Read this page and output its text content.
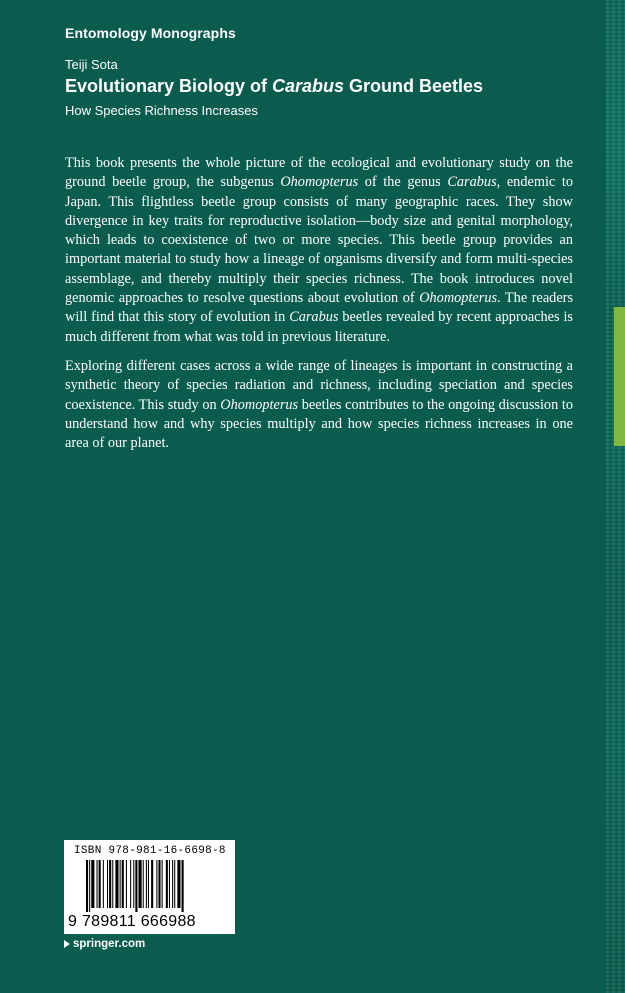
Entomology Monographs
Teiji Sota
Evolutionary Biology of Carabus Ground Beetles
How Species Richness Increases

This book presents the whole picture of the ecological and evolutionary study on the ground beetle group, the subgenus Ohomopterus of the genus Carabus, endemic to Japan. This flightless beetle group consists of many geographic races. They show divergence in key traits for reproductive isolation—body size and genital morphology, which leads to coexistence of two or more species. This beetle group provides an important material to study how a lineage of organisms diversify and form multi-species assemblage, and thereby multiply their species richness. The book introduces novel genomic approaches to resolve questions about evolution of Ohomopterus. The readers will find that this story of evolution in Carabus beetles revealed by recent approaches is much different from what was told in previous literature.

Exploring different cases across a wide range of lineages is important in constructing a synthetic theory of species radiation and richness, including speciation and species coexistence. This study on Ohomopterus beetles contributes to the ongoing discussion to understand how and why species multiply and how species richness increases in one area of our planet.

ISBN 978-981-16-6698-8
9 789811 666988
springer.com
